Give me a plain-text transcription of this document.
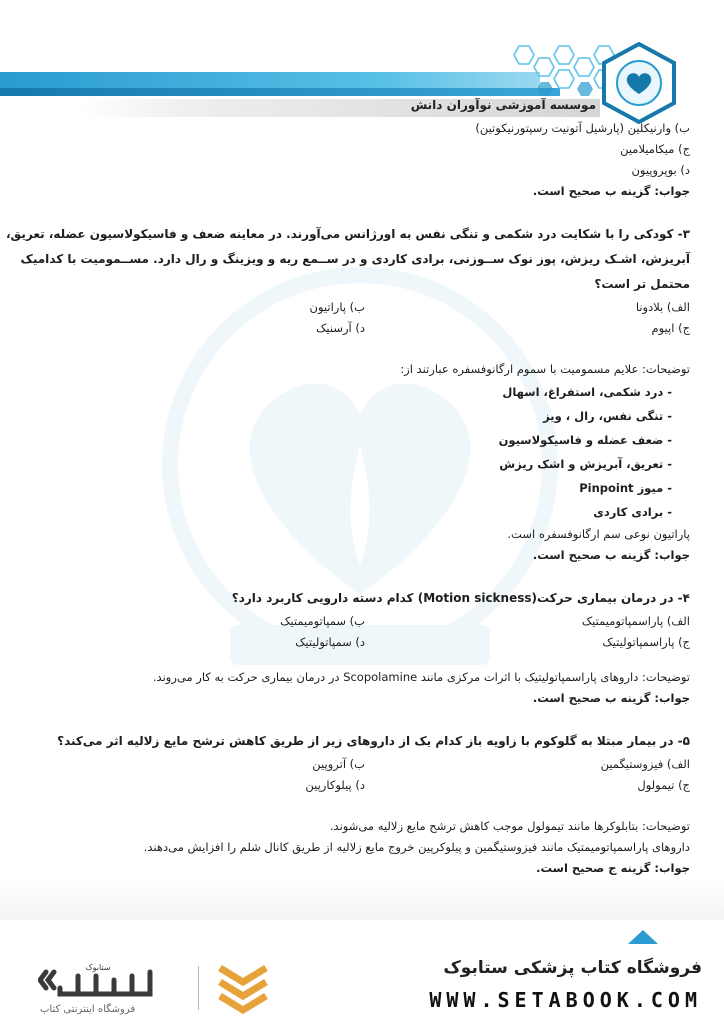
موسسه آموزشی نوآوران دانش
ب) وارنیکلین (پارشیل آتونیت رسپتورنیکوتین)
ج) میکامیلامین
د) بوپروپیون
جواب: گزینه ب صحیح است.
۳- کودکی را با شکایت درد شکمی و تنگی نفس به اورژانس می‌آورند. در معاینه ضعف و فاسیکولاسیون عضله، تعریق،
آبریزش، اشـک ریزش، پوز نوک ســوزنی، برادی کاردی و در ســمع ریه و ویزینگ و رال دارد. مســمومیت با کدامیک
محتمل تر است؟
الف) بلادونا
ب) پاراتیون
ج) اپیوم
د) آرسنیک
توضیحات: علایم مسمومیت با سموم ارگانوفسفره عبارتند از:
- درد شکمی، استفراغ، اسهال
- تنگی نفس، رال ، ویز
- ضعف عضله و فاسیکولاسیون
- تعریق، آبریزش و اشک ریزش
- میوز Pinpoint
- برادی کاردی
پاراتیون نوعی سم ارگانوفسفره است.
جواب: گزینه ب صحیح است.
۴- در درمان بیماری حرکت(Motion sickness) کدام دسته دارویی کاربرد دارد؟
الف) پاراسمپاتومیمتیک
ب) سمپاتومیمتیک
ج) پاراسمپاتولیتیک
د) سمپاتولیتیک
توضیحات: داروهای پاراسمپاتولیتیک با اثرات مرکزی مانند Scopolamine در درمان بیماری حرکت به کار می‌روند.
جواب: گزینه ب صحیح است.
۵- در بیمار مبتلا به گلوکوم با زاویه باز کدام یک از داروهای زیر از طریق کاهش ترشح مایع زلالیه اثر می‌کند؟
الف) فیزوستیگمین
ب) آتروپین
ج) تیمولول
د) پیلوکارپین
توضیحات: بتابلوکرها مانند تیمولول موجب کاهش ترشح مایع زلالیه می‌شوند.
داروهای پاراسمپاتومیمتیک مانند فیزوستیگمین و پیلوکرپین خروج مایع زلالیه از طریق کانال شلم را افزایش می‌دهند.
جواب: گزینه ج صحیح است.
فروشگاه کتاب پزشکی ستابوک
WWW.SETABOOK.COM
ستابوک
فروشگاه اینترنتی کتاب
